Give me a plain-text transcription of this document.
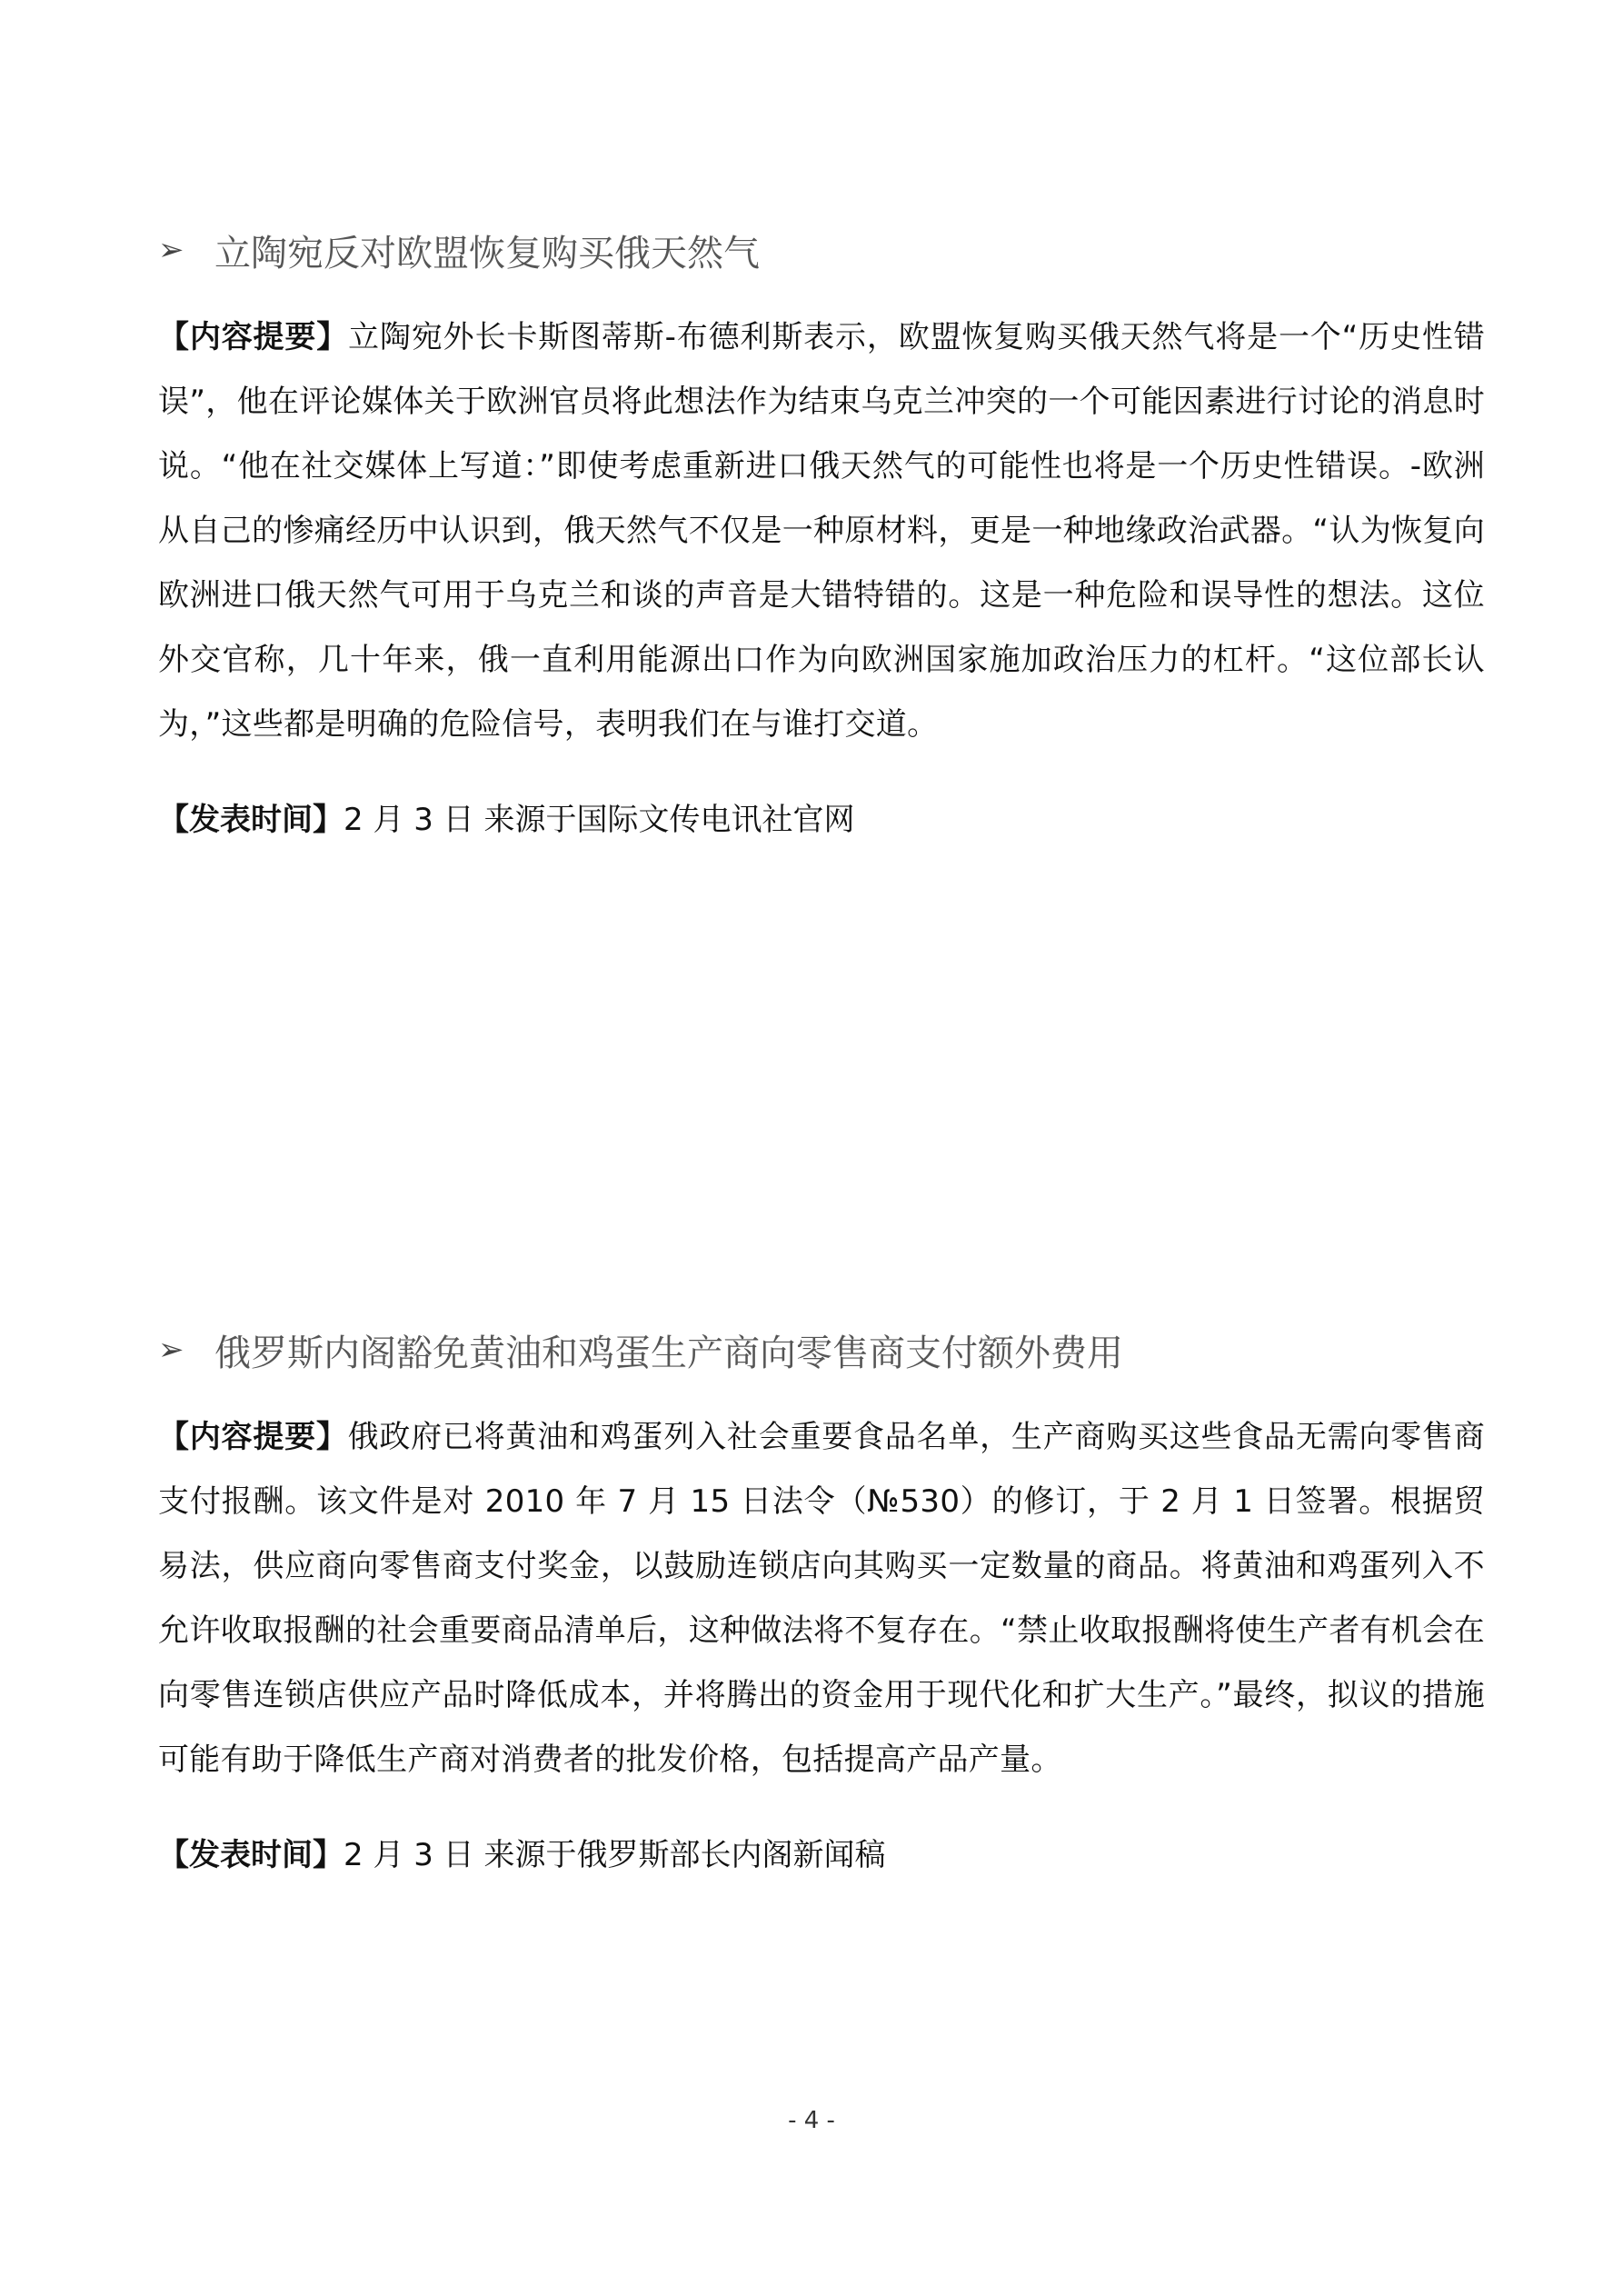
➢ 立陶宛反对欧盟恢复购买俄天然气

【内容提要】立陶宛外长卡斯图蒂斯-布德利斯表示，欧盟恢复购买俄天然气将是一个“历史性错误”，他在评论媒体关于欧洲官员将此想法作为结束乌克兰冲突的一个可能因素进行讨论的消息时说。“他在社交媒体上写道：”即使考虑重新进口俄天然气的可能性也将是一个历史性错误。-欧洲从自己的惨痛经历中认识到，俄天然气不仅是一种原材料，更是一种地缘政治武器。“认为恢复向欧洲进口俄天然气可用于乌克兰和谈的声音是大错特错的。这是一种危险和误导性的想法。这位外交官称，几十年来，俄一直利用能源出口作为向欧洲国家施加政治压力的杠杆。“这位部长认为，”这些都是明确的危险信号，表明我们在与谁打交道。

【发表时间】2 月 3 日 来源于国际文传电讯社官网
➢ 俄罗斯内阁豁免黄油和鸡蛋生产商向零售商支付额外费用

【内容提要】俄政府已将黄油和鸡蛋列入社会重要食品名单，生产商购买这些食品无需向零售商支付报酬。该文件是对 2010 年 7 月 15 日法令（№530）的修订，于 2 月 1 日签署。根据贸易法，供应商向零售商支付奖金，以鼓励连锁店向其购买一定数量的商品。将黄油和鸡蛋列入不允许收取报酬的社会重要商品清单后，这种做法将不复存在。“禁止收取报酬将使生产者有机会在向零售连锁店供应产品时降低成本，并将腾出的资金用于现代化和扩大生产。”最终，拟议的措施可能有助于降低生产商对消费者的批发价格，包括提高产品产量。

【发表时间】2 月 3 日 来源于俄罗斯部长内阁新闻稿
- 4 -
